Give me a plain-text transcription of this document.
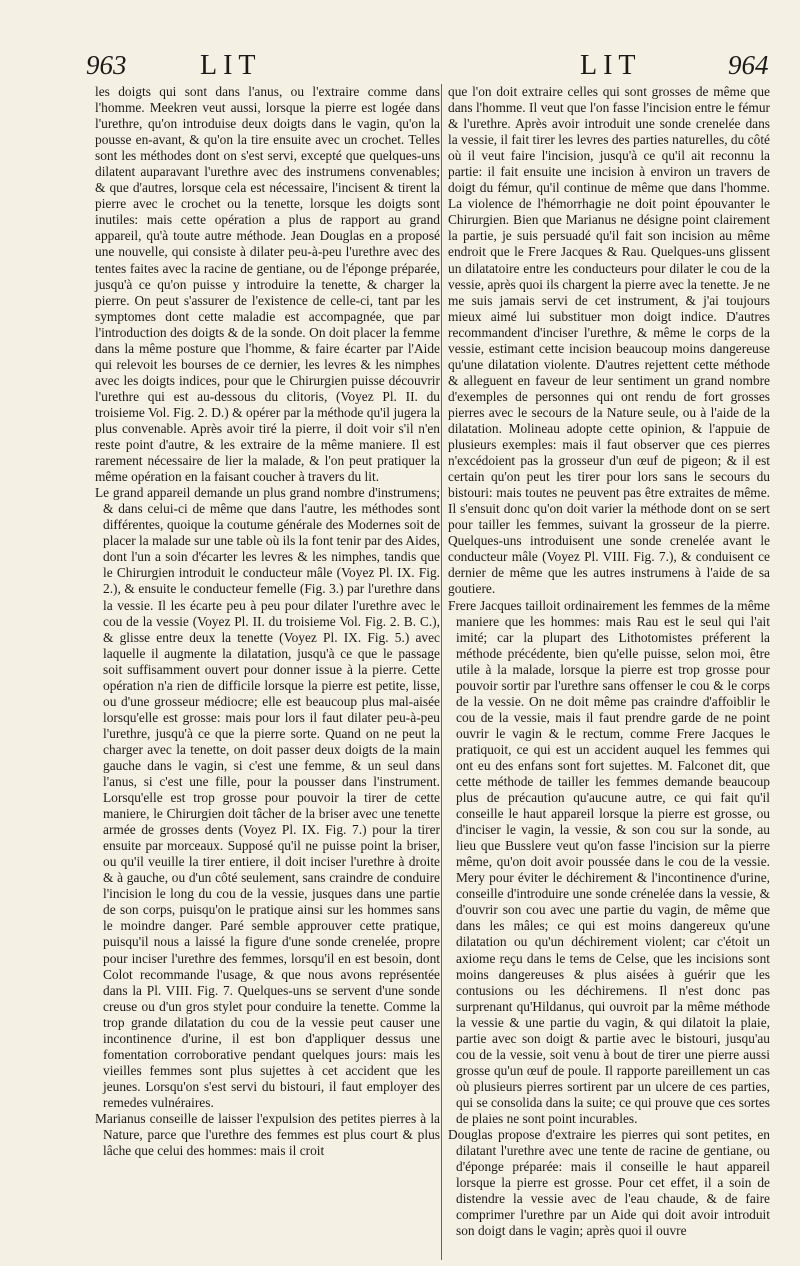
963	LIT	LIT	964

les doigts qui sont dans l'anus, ou l'extraire comme dans l'homme. Meekren veut aussi, lorsque la pierre est logée dans l'urethre, qu'on introduise deux doigts dans le vagin, qu'on la pousse en-avant, & qu'on la tire ensuite avec un crochet. Telles sont les méthodes dont on s'est servi, excepté que quelques-uns dilatent auparavant l'urethre avec des instrumens convenables; & que d'autres, lorsque cela est nécessaire, l'incisent & tirent la pierre avec le crochet ou la tenette, lorsque les doigts sont inutiles: mais cette opération a plus de rapport au grand appareil, qu'à toute autre méthode. Jean Douglas en a proposé une nouvelle, qui consiste à dilater peu-à-peu l'urethre avec des tentes faites avec la racine de gentiane, ou de l'éponge préparée, jusqu'à ce qu'on puisse y introduire la tenette, & charger la pierre. On peut s'assurer de l'existence de celle-ci, tant par les symptomes dont cette maladie est accompagnée, que par l'introduction des doigts & de la sonde. On doit placer la femme dans la même posture que l'homme, & faire écarter par l'Aide qui relevoit les bourses de ce dernier, les levres & les nimphes avec les doigts indices, pour que le Chirurgien puisse découvrir l'urethre qui est au-dessous du clitoris, (Voyez Pl. II. du troisieme Vol. Fig. 2. D.) & opérer par la méthode qu'il jugera la plus convenable. Après avoir tiré la pierre, il doit voir s'il n'en reste point d'autre, & les extraire de la même maniere. Il est rarement nécessaire de lier la malade, & l'on peut pratiquer la même opération en la faisant coucher à travers du lit.

Le grand appareil demande un plus grand nombre d'instrumens; & dans celui-ci de même que dans l'autre, les méthodes sont différentes, quoique la coutume générale des Modernes soit de placer la malade sur une table où ils la font tenir par des Aides, dont l'un a soin d'écarter les levres & les nimphes, tandis que le Chirurgien introduit le conducteur mâle (Voyez Pl. IX. Fig. 2.), & ensuite le conducteur femelle (Fig. 3.) par l'urethre dans la vessie. Il les écarte peu à peu pour dilater l'urethre avec le cou de la vessie (Voyez Pl. II. du troisieme Vol. Fig. 2. B. C.), & glisse entre deux la tenette (Voyez Pl. IX. Fig. 5.) avec laquelle il augmente la dilatation, jusqu'à ce que le passage soit suffisamment ouvert pour donner issue à la pierre. Cette opération n'a rien de difficile lorsque la pierre est petite, lisse, ou d'une grosseur médiocre; elle est beaucoup plus mal-aisée lorsqu'elle est grosse: mais pour lors il faut dilater peu-à-peu l'urethre, jusqu'à ce que la pierre sorte. Quand on ne peut la charger avec la tenette, on doit passer deux doigts de la main gauche dans le vagin, si c'est une femme, & un seul dans l'anus, si c'est une fille, pour la pousser dans l'instrument. Lorsqu'elle est trop grosse pour pouvoir la tirer de cette maniere, le Chirurgien doit tâcher de la briser avec une tenette armée de grosses dents (Voyez Pl. IX. Fig. 7.) pour la tirer ensuite par morceaux. Supposé qu'il ne puisse point la briser, ou qu'il veuille la tirer entiere, il doit inciser l'urethre à droite & à gauche, ou d'un côté seulement, sans craindre de conduire l'incision le long du cou de la vessie, jusques dans une partie de son corps, puisqu'on le pratique ainsi sur les hommes sans le moindre danger. Paré semble approuver cette pratique, puisqu'il nous a laissé la figure d'une sonde crenelée, propre pour inciser l'urethre des femmes, lorsqu'il en est besoin, dont Colot recommande l'usage, & que nous avons représentée dans la Pl. VIII. Fig. 7. Quelques-uns se servent d'une sonde creuse ou d'un gros stylet pour conduire la tenette. Comme la trop grande dilatation du cou de la vessie peut causer une incontinence d'urine, il est bon d'appliquer dessus une fomentation corroborative pendant quelques jours: mais les vieilles femmes sont plus sujettes à cet accident que les jeunes. Lorsqu'on s'est servi du bistouri, il faut employer des remedes vulnéraires.

Marianus conseille de laisser l'expulsion des petites pierres à la Nature, parce que l'urethre des femmes est plus court & plus lâche que celui des hommes: mais il croit

que l'on doit extraire celles qui sont grosses de même que dans l'homme. Il veut que l'on fasse l'incision entre le fémur & l'urethre. Après avoir introduit une sonde crenelée dans la vessie, il fait tirer les levres des parties naturelles, du côté où il veut faire l'incision, jusqu'à ce qu'il ait reconnu la partie: il fait ensuite une incision à environ un travers de doigt du fémur, qu'il continue de même que dans l'homme. La violence de l'hémorrhagie ne doit point épouvanter le Chirurgien. Bien que Marianus ne désigne point clairement la partie, je suis persuadé qu'il fait son incision au même endroit que le Frere Jacques & Rau. Quelques-uns glissent un dilatatoire entre les conducteurs pour dilater le cou de la vessie, après quoi ils chargent la pierre avec la tenette. Je ne me suis jamais servi de cet instrument, & j'ai toujours mieux aimé lui substituer mon doigt indice. D'autres recommandent d'inciser l'urethre, & même le corps de la vessie, estimant cette incision beaucoup moins dangereuse qu'une dilatation violente. D'autres rejettent cette méthode & alleguent en faveur de leur sentiment un grand nombre d'exemples de personnes qui ont rendu de fort grosses pierres avec le secours de la Nature seule, ou à l'aide de la dilatation. Molineau adopte cette opinion, & l'appuie de plusieurs exemples: mais il faut observer que ces pierres n'excédoient pas la grosseur d'un œuf de pigeon; & il est certain qu'on peut les tirer pour lors sans le secours du bistouri: mais toutes ne peuvent pas être extraites de même. Il s'ensuit donc qu'on doit varier la méthode dont on se sert pour tailler les femmes, suivant la grosseur de la pierre. Quelques-uns introduisent une sonde crenelée avant le conducteur mâle (Voyez Pl. VIII. Fig. 7.), & conduisent ce dernier de même que les autres instrumens à l'aide de sa goutiere.

Frere Jacques tailloit ordinairement les femmes de la même maniere que les hommes: mais Rau est le seul qui l'ait imité; car la plupart des Lithotomistes préferent la méthode précédente, bien qu'elle puisse, selon moi, être utile à la malade, lorsque la pierre est trop grosse pour pouvoir sortir par l'urethre sans offenser le cou & le corps de la vessie. On ne doit même pas craindre d'affoiblir le cou de la vessie, mais il faut prendre garde de ne point ouvrir le vagin & le rectum, comme Frere Jacques le pratiquoit, ce qui est un accident auquel les femmes qui ont eu des enfans sont fort sujettes. M. Falconet dit, que cette méthode de tailler les femmes demande beaucoup plus de précaution qu'aucune autre, ce qui fait qu'il conseille le haut appareil lorsque la pierre est grosse, ou d'inciser le vagin, la vessie, & son cou sur la sonde, au lieu que Busslere veut qu'on fasse l'incision sur la pierre même, qu'on doit avoir poussée dans le cou de la vessie. Mery pour éviter le déchirement & l'incontinence d'urine, conseille d'introduire une sonde crénelée dans la vessie, & d'ouvrir son cou avec une partie du vagin, de même que dans les mâles; ce qui est moins dangereux qu'une dilatation ou qu'un déchirement violent; car c'étoit un axiome reçu dans le tems de Celse, que les incisions sont moins dangereuses & plus aisées à guérir que les contusions ou les déchiremens. Il n'est donc pas surprenant qu'Hildanus, qui ouvroit par la même méthode la vessie & une partie du vagin, & qui dilatoit la plaie, partie avec son doigt & partie avec le bistouri, jusqu'au cou de la vessie, soit venu à bout de tirer une pierre aussi grosse qu'un œuf de poule. Il rapporte pareillement un cas où plusieurs pierres sortirent par un ulcere de ces parties, qui se consolida dans la suite; ce qui prouve que ces sortes de plaies ne sont point incurables.

Douglas propose d'extraire les pierres qui sont petites, en dilatant l'urethre avec une tente de racine de gentiane, ou d'éponge préparée: mais il conseille le haut appareil lorsque la pierre est grosse. Pour cet effet, il a soin de distendre la vessie avec de l'eau chaude, & de faire comprimer l'urethre par un Aide qui doit avoir introduit son doigt dans le vagin; après quoi il ouvre
